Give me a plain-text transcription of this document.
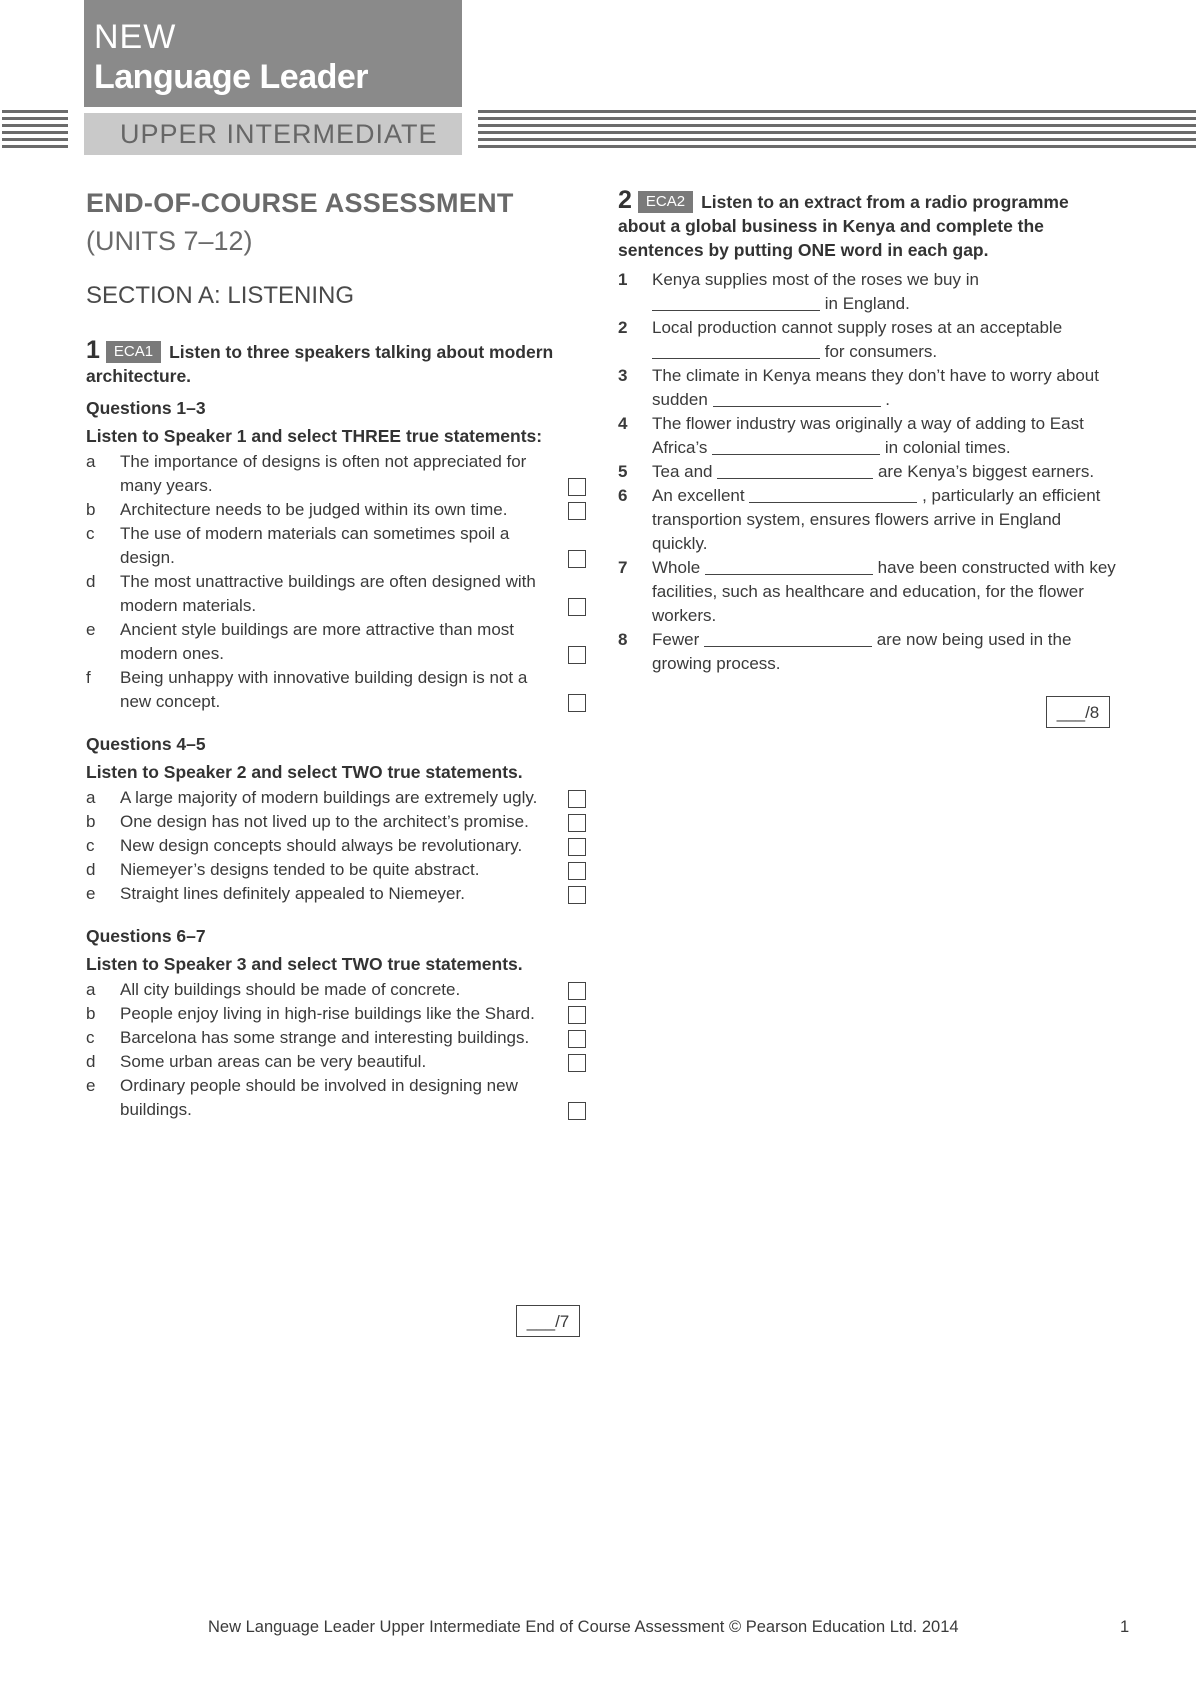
NEW
Language Leader
UPPER INTERMEDIATE
END-OF-COURSE ASSESSMENT
(UNITS 7–12)
SECTION A: LISTENING
1 ECA1 Listen to three speakers talking about modern architecture.
Questions 1–3
Listen to Speaker 1 and select THREE true statements:
a The importance of designs is often not appreciated for many years.
b Architecture needs to be judged within its own time.
c The use of modern materials can sometimes spoil a design.
d The most unattractive buildings are often designed with modern materials.
e Ancient style buildings are more attractive than most modern ones.
f Being unhappy with innovative building design is not a new concept.
Questions 4–5
Listen to Speaker 2 and select TWO true statements.
a A large majority of modern buildings are extremely ugly.
b One design has not lived up to the architect’s promise.
c New design concepts should always be revolutionary.
d Niemeyer’s designs tended to be quite abstract.
e Straight lines definitely appealed to Niemeyer.
Questions 6–7
Listen to Speaker 3 and select TWO true statements.
a All city buildings should be made of concrete.
b People enjoy living in high-rise buildings like the Shard.
c Barcelona has some strange and interesting buildings.
d Some urban areas can be very beautiful.
e Ordinary people should be involved in designing new buildings.
___/7
2 ECA2 Listen to an extract from a radio programme about a global business in Kenya and complete the sentences by putting ONE word in each gap.
1 Kenya supplies most of the roses we buy in  in England.
2 Local production cannot supply roses at an acceptable  for consumers.
3 The climate in Kenya means they don’t have to worry about sudden	.
4 The flower industry was originally a way of adding to East Africa’s	in colonial times.
5 Tea and	are Kenya’s biggest earners.
6 An excellent	, particularly an efficient transportion system, ensures flowers arrive in England quickly.
7 Whole	have been constructed with key facilities, such as healthcare and education, for the flower workers.
8 Fewer	are now being used in the growing process.
___/8
New Language Leader Upper Intermediate End of Course Assessment © Pearson Education Ltd. 2014	1
